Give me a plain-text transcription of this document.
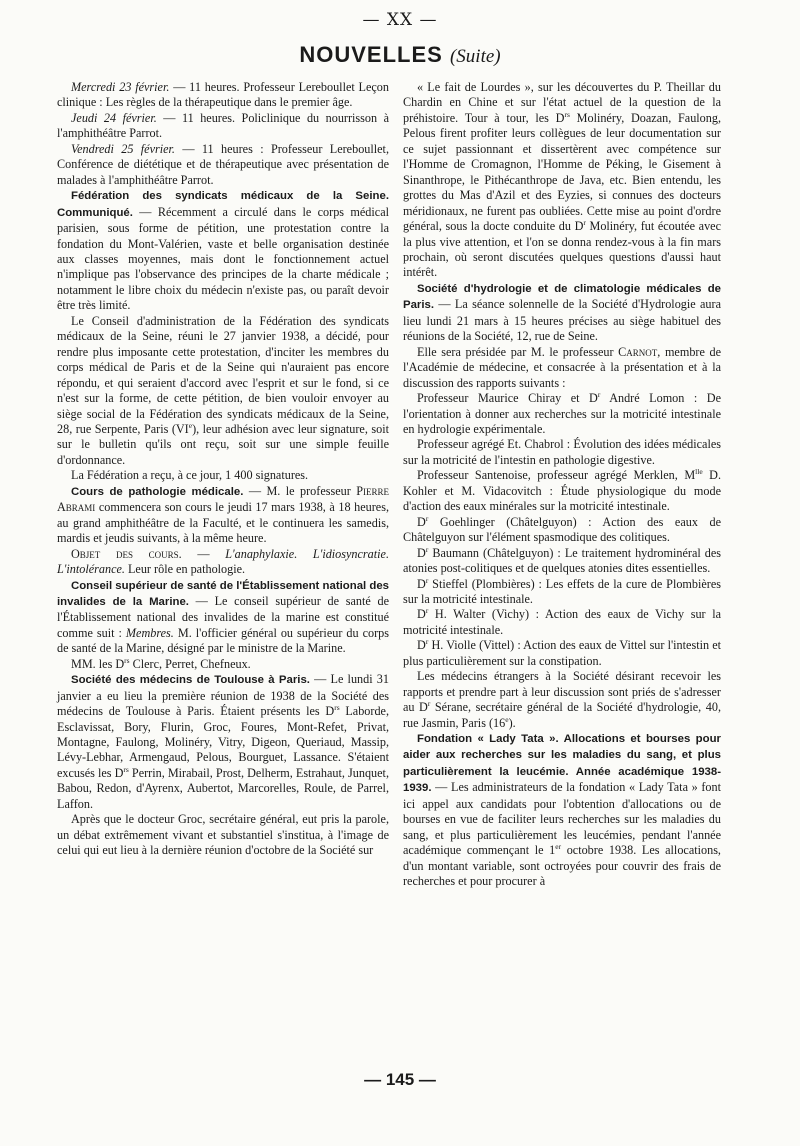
— XX —
NOUVELLES (Suite)

Mercredi 23 février. — 11 heures. Professeur Lereboullet Leçon clinique : Les règles de la thérapeutique dans le premier âge.

Jeudi 24 février. — 11 heures. Policlinique du nourrisson à l'amphithéâtre Parrot.

Vendredi 25 février. — 11 heures : Professeur Lereboullet, Conférence de diététique et de thérapeutique avec présentation de malades à l'amphithéâtre Parrot.

Fédération des syndicats médicaux de la Seine. Communiqué. — Récemment a circulé dans le corps médical parisien, sous forme de pétition, une protestation contre la fondation du Mont-Valérien, vaste et belle organisation destinée aux classes moyennes, mais dont le fonctionnement actuel n'implique pas l'observance des principes de la charte médicale ; notamment le libre choix du médecin n'existe pas, ou paraît devoir être très limité.

Le Conseil d'administration de la Fédération des syndicats médicaux de la Seine, réuni le 27 janvier 1938, a décidé, pour rendre plus imposante cette protestation, d'inciter les membres du corps médical de Paris et de la Seine qui n'auraient pas encore répondu, et qui seraient d'accord avec l'esprit et sur le fond, si ce n'est sur la forme, de cette pétition, de bien vouloir envoyer au siège social de la Fédération des syndicats médicaux de la Seine, 28, rue Serpente, Paris (VIe), leur adhésion avec leur signature, soit sur le bulletin qu'ils ont reçu, soit sur une simple feuille d'ordonnance.

La Fédération a reçu, à ce jour, 1 400 signatures.

Cours de pathologie médicale. — M. le professeur Pierre Abrami commencera son cours le jeudi 17 mars 1938, à 18 heures, au grand amphithéâtre de la Faculté, et le continuera les samedis, mardis et jeudis suivants, à la même heure.

Objet des cours. — L'anaphylaxie. L'idiosyncratie. L'intolérance. Leur rôle en pathologie.

Conseil supérieur de santé de l'Établissement national des invalides de la Marine. — Le conseil supérieur de santé de l'Établissement national des invalides de la marine est constitué comme suit : Membres. M. l'officier général ou supérieur du corps de santé de la Marine, désigné par le ministre de la Marine.

MM. les $D^{rs}$ Clerc, Perret, Chefneux.

Société des médecins de Toulouse à Paris. — Le lundi 31 janvier a eu lieu la première réunion de 1938 de la Société des médecins de Toulouse à Paris. Étaient présents les $D^{rs}$ Laborde, Esclavissat, Bory, Flurin, Groc, Foures, Mont-Refet, Privat, Montagne, Faulong, Molinéry, Vitry, Digeon, Queriaud, Massip, Lévy-Lebhar, Armengaud, Pelous, Bourguet, Lassance. S'étaient excusés les $D^{rs}$ Perrin, Mirabail, Prost, Delherm, Estrahaut, Junquet, Babou, Redon, d'Ayrenx, Aubertot, Marcorelles, Roule, de Parrel, Laffon.

Après que le docteur Groc, secrétaire général, eut pris la parole, un débat extrêmement vivant et substantiel s'institua, à l'image de celui qui eut lieu à la dernière réunion d'octobre de la Société sur

« Le fait de Lourdes », sur les découvertes du P. Theillar du Chardin en Chine et sur l'état actuel de la question de la préhistoire. Tour à tour, les $D^{rs}$ Molinéry, Doazan, Faulong, Pelous firent profiter leurs collègues de leur documentation sur ce sujet passionnant et dissertèrent avec compétence sur l'Homme de Cromagnon, l'Homme de Péking, le Gisement à Sinanthrope, le Pithécanthrope de Java, etc. Bien entendu, les grottes du Mas d'Azil et des Eyzies, si connues des docteurs méridionaux, ne furent pas oubliées. Cette mise au point d'ordre général, sous la docte conduite du $D^r$ Molinéry, fut écoutée avec la plus vive attention, et l'on se donna rendez-vous à la fin mars prochain, où seront discutées quelques questions d'aussi haut intérêt.

Société d'hydrologie et de climatologie médicales de Paris. — La séance solennelle de la Société d'Hydrologie aura lieu lundi 21 mars à 15 heures précises au siège habituel des réunions de la Société, 12, rue de Seine.

Elle sera présidée par M. le professeur Carnot, membre de l'Académie de médecine, et consacrée à la présentation et à la discussion des rapports suivants :

Professeur Maurice Chiray et $D^r$ André Lomon : De l'orientation à donner aux recherches sur la motricité intestinale en hydrologie expérimentale.

Professeur agrégé Et. Chabrol : Évolution des idées médicales sur la motricité de l'intestin en pathologie digestive.

Professeur Santenoise, professeur agrégé Merklen, $M^{lle}$ D. Kohler et M. Vidacovitch : Étude physiologique du mode d'action des eaux minérales sur la motricité intestinale.

$D^r$ Goehlinger (Châtelguyon) : Action des eaux de Châtelguyon sur l'élément spasmodique des colitiques.

$D^r$ Baumann (Châtelguyon) : Le traitement hydrominéral des atonies post-colitiques et de quelques atonies dites essentielles.

$D^r$ Stieffel (Plombières) : Les effets de la cure de Plombières sur la motricité intestinale.

$D^r$ H. Walter (Vichy) : Action des eaux de Vichy sur la motricité intestinale.

$D^r$ H. Violle (Vittel) : Action des eaux de Vittel sur l'intestin et plus particulièrement sur la constipation.

Les médecins étrangers à la Société désirant recevoir les rapports et prendre part à leur discussion sont priés de s'adresser au $D^r$ Sérane, secrétaire général de la Société d'hydrologie, 40, rue Jasmin, Paris (16e).

Fondation « Lady Tata ». Allocations et bourses pour aider aux recherches sur les maladies du sang, et plus particulièrement la leucémie. Année académique 1938-1939. — Les administrateurs de la fondation « Lady Tata » font ici appel aux candidats pour l'obtention d'allocations ou de bourses en vue de faciliter leurs recherches sur les maladies du sang, et plus particulièrement les leucémies, pendant l'année académique commençant le 1er octobre 1938. Les allocations, d'un montant variable, sont octroyées pour couvrir des frais de recherches et pour procurer à

— 145 —
